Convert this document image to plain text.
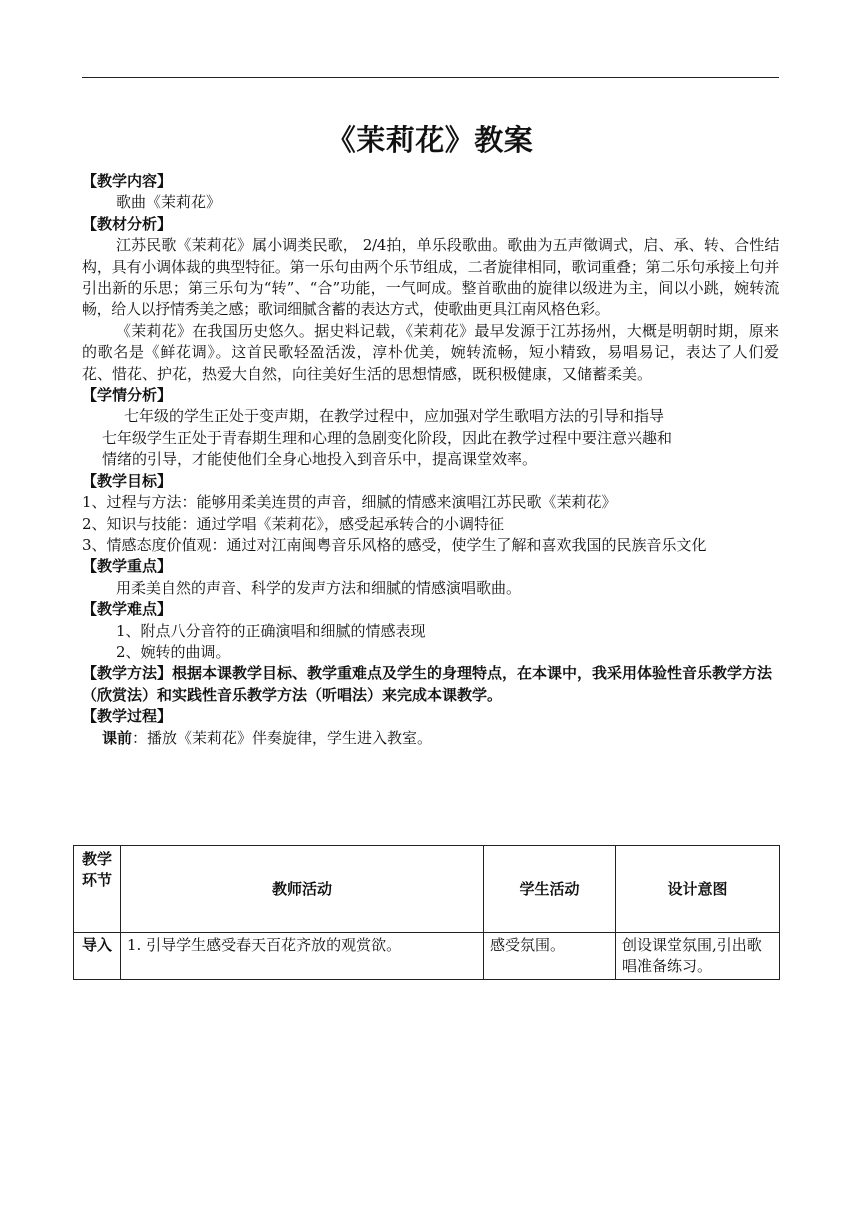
《茉莉花》教案

【教学内容】

歌曲《茉莉花》

【教材分析】

江苏民歌《茉莉花》属小调类民歌， 2/4拍，单乐段歌曲。歌曲为五声徵调式，启、承、转、合性结构，具有小调体裁的典型特征。第一乐句由两个乐节组成，二者旋律相同，歌词重叠；第二乐句承接上句并引出新的乐思；第三乐句为“转”、“合”功能，一气呵成。整首歌曲的旋律以级进为主，间以小跳，婉转流畅，给人以抒情秀美之感；歌词细腻含蓄的表达方式，使歌曲更具江南风格色彩。

《茉莉花》在我国历史悠久。据史料记载，《茉莉花》最早发源于江苏扬州，大概是明朝时期，原来的歌名是《鲜花调》。这首民歌轻盈活泼，淳朴优美，婉转流畅，短小精致，易唱易记，表达了人们爱花、惜花、护花，热爱大自然，向往美好生活的思想情感，既积极健康，又储蓄柔美。

【学情分析】

七年级的学生正处于变声期，在教学过程中，应加强对学生歌唱方法的引导和指导

七年级学生正处于青春期生理和心理的急剧变化阶段，因此在教学过程中要注意兴趣和

情绪的引导，才能使他们全身心地投入到音乐中，提高课堂效率。

【教学目标】

1、过程与方法：能够用柔美连贯的声音，细腻的情感来演唱江苏民歌《茉莉花》

2、知识与技能：通过学唱《茉莉花》，感受起承转合的小调特征

3、情感态度价值观：通过对江南闽粤音乐风格的感受，使学生了解和喜欢我国的民族音乐文化

【教学重点】

用柔美自然的声音、科学的发声方法和细腻的情感演唱歌曲。

【教学难点】

1、附点八分音符的正确演唱和细腻的情感表现

2、婉转的曲调。

【教学方法】根据本课教学目标、教学重难点及学生的身理特点，在本课中，我采用体验性音乐教学方法（欣赏法）和实践性音乐教学方法（听唱法）来完成本课教学。

【教学过程】

课前：播放《茉莉花》伴奏旋律，学生进入教室。

教学环节	教师活动	学生活动	设计意图
导入	1. 引导学生感受春天百花齐放的观赏欲。	感受氛围。	创设课堂氛围,引出歌唱准备练习。
